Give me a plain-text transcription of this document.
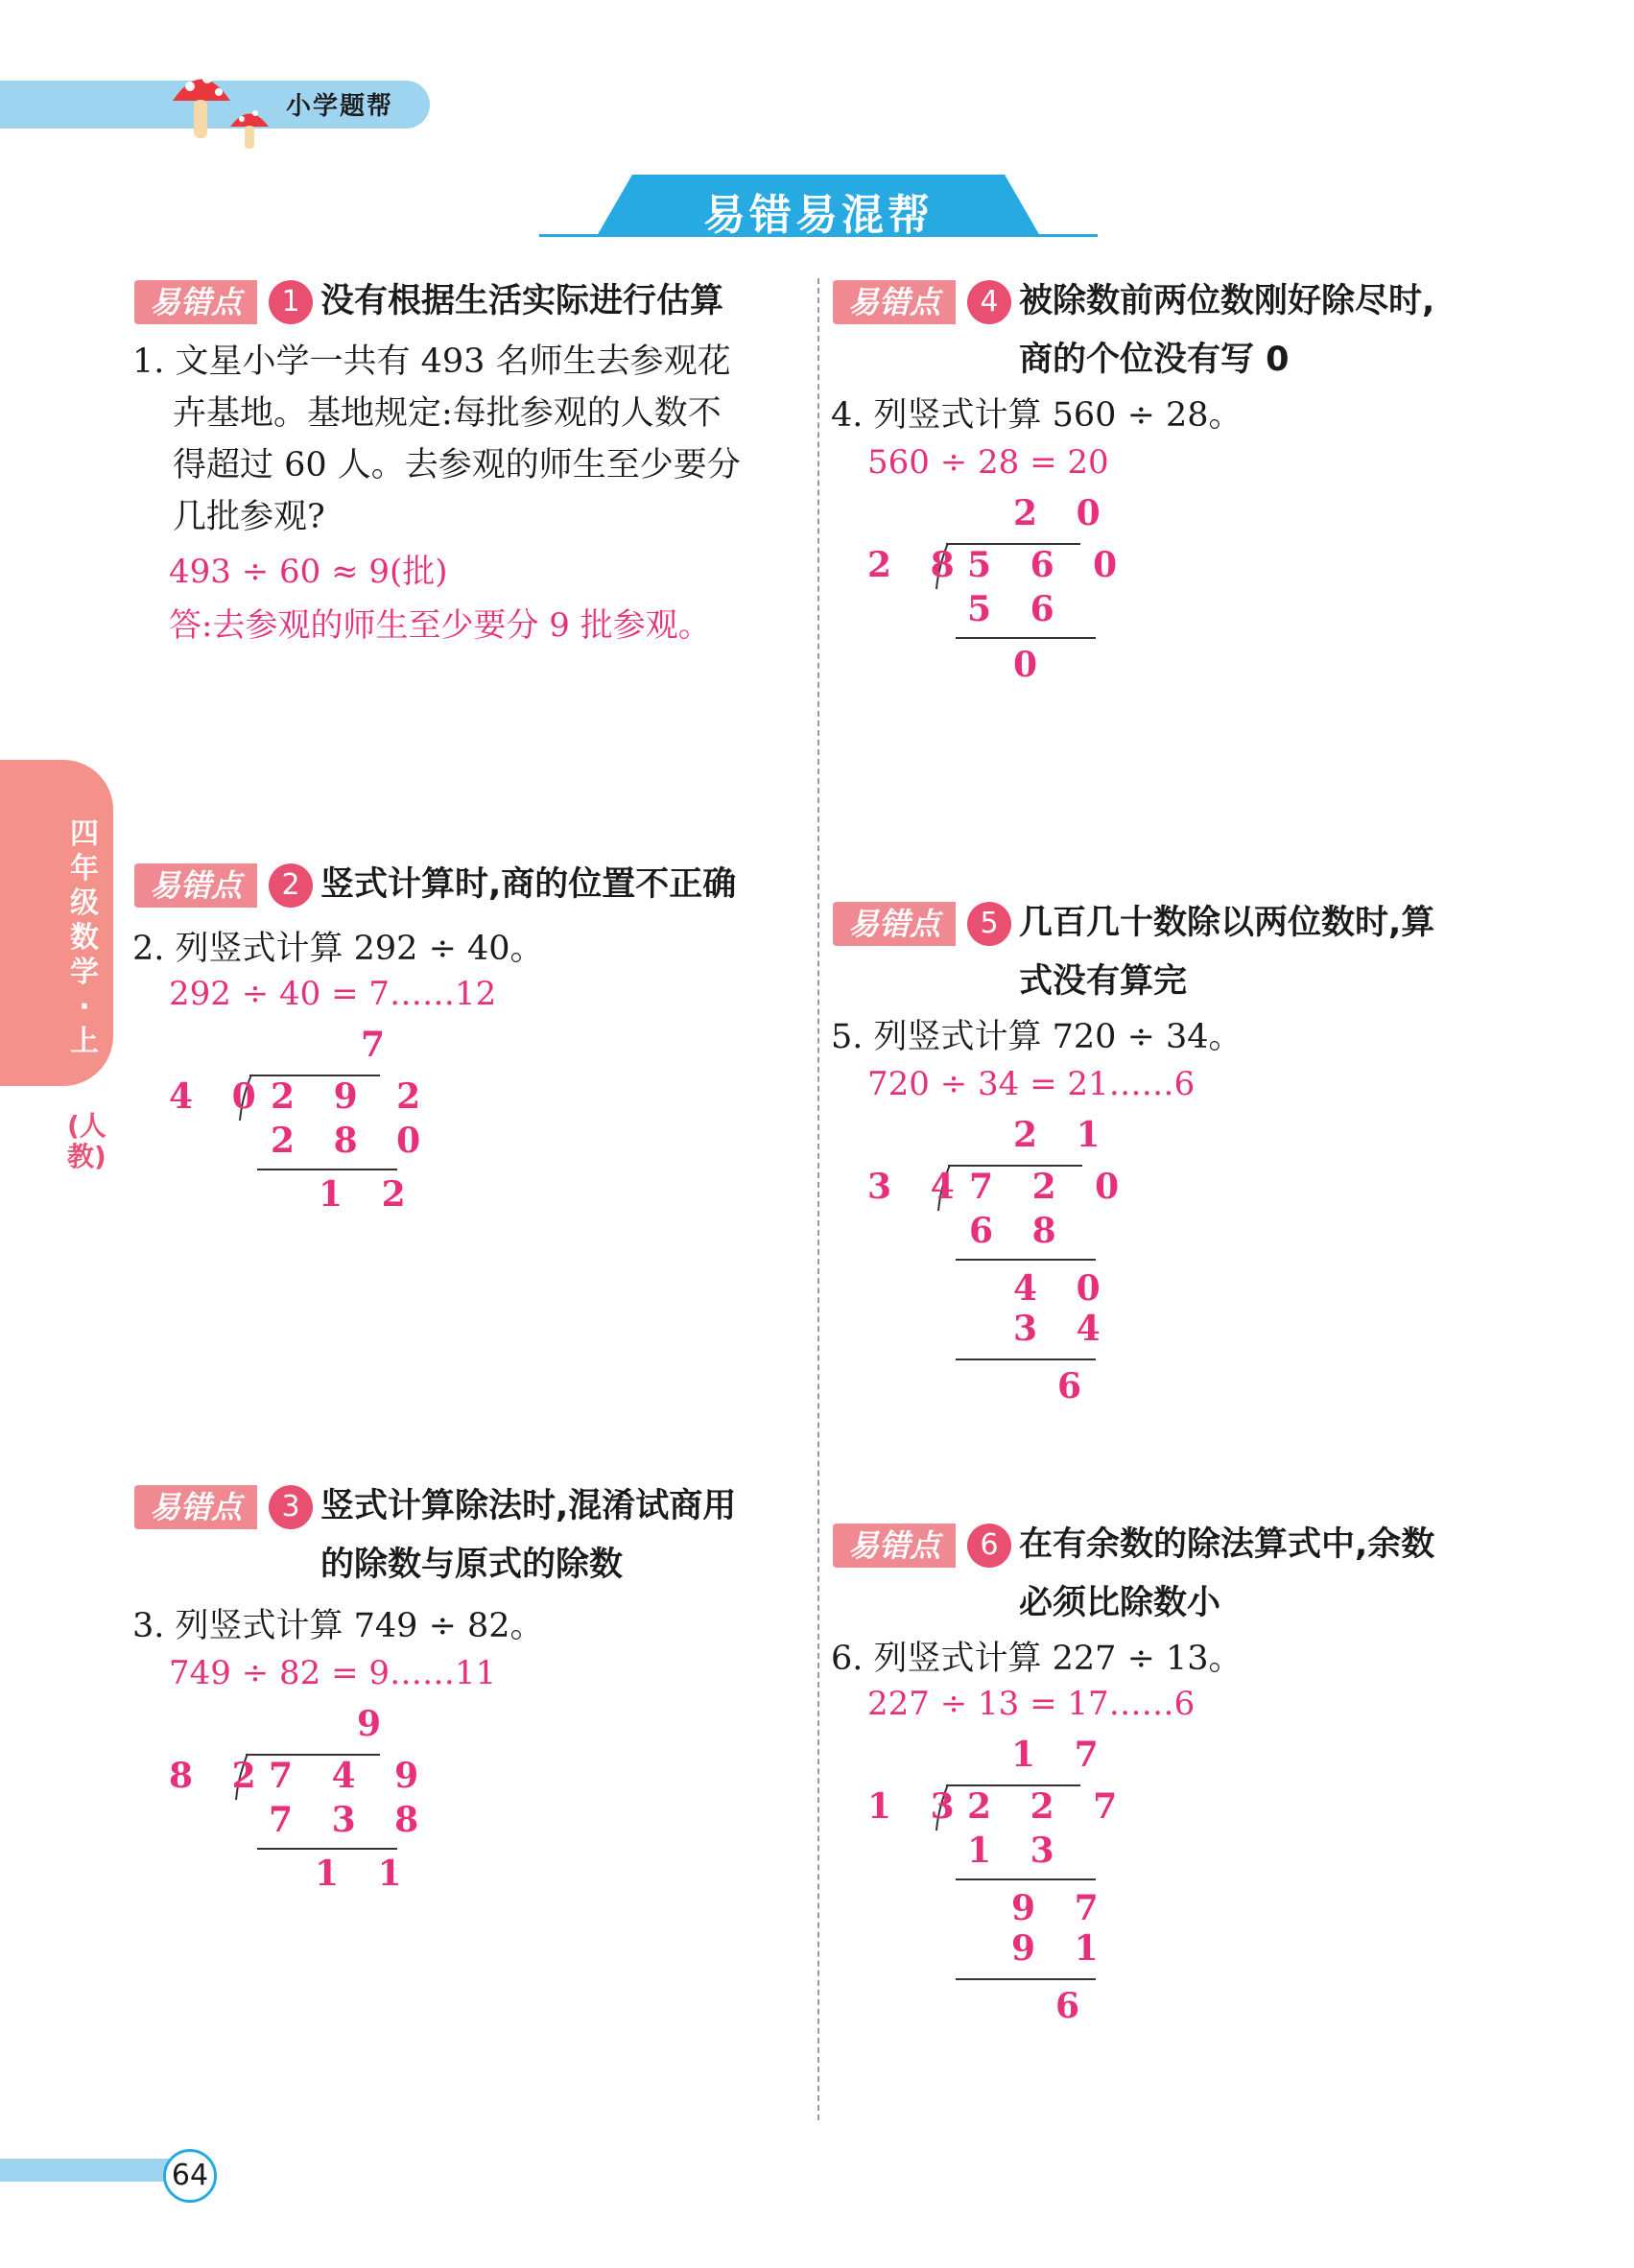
小学题帮
易错易混帮
四年级数学·上
(人教)
易错点	1 没有根据生活实际进行估算
1. 文星小学一共有 493 名师生去参观花
卉基地。基地规定:每批参观的人数不
得超过 60 人。去参观的师生至少要分
几批参观?
493 ÷ 60 ≈ 9(批)
答:去参观的师生至少要分 9 批参观。
易错点	2 竖式计算时,商的位置不正确
2. 列竖式计算 292 ÷ 40。
292 ÷ 40 = 7……12
7
4 0 2 9 2
2 8 0
1 2
易错点	3 竖式计算除法时,混淆试商用
的除数与原式的除数
3. 列竖式计算 749 ÷ 82。
749 ÷ 82 = 9……11
9
8 2 7 4 9
7 3 8
1 1
易错点	4 被除数前两位数刚好除尽时,
商的个位没有写 0
4. 列竖式计算 560 ÷ 28。
560 ÷ 28 = 20
2 0
2 8 5 6 0
5 6
0
易错点	5 几百几十数除以两位数时,算
式没有算完
5. 列竖式计算 720 ÷ 34。
720 ÷ 34 = 21……6
2 1
3 4 7 2 0
6 8
4 0
3 4
6
易错点	6 在有余数的除法算式中,余数
必须比除数小
6. 列竖式计算 227 ÷ 13。
227 ÷ 13 = 17……6
1 7
1 3 2 2 7
1 3
9 7
9 1
6
64
